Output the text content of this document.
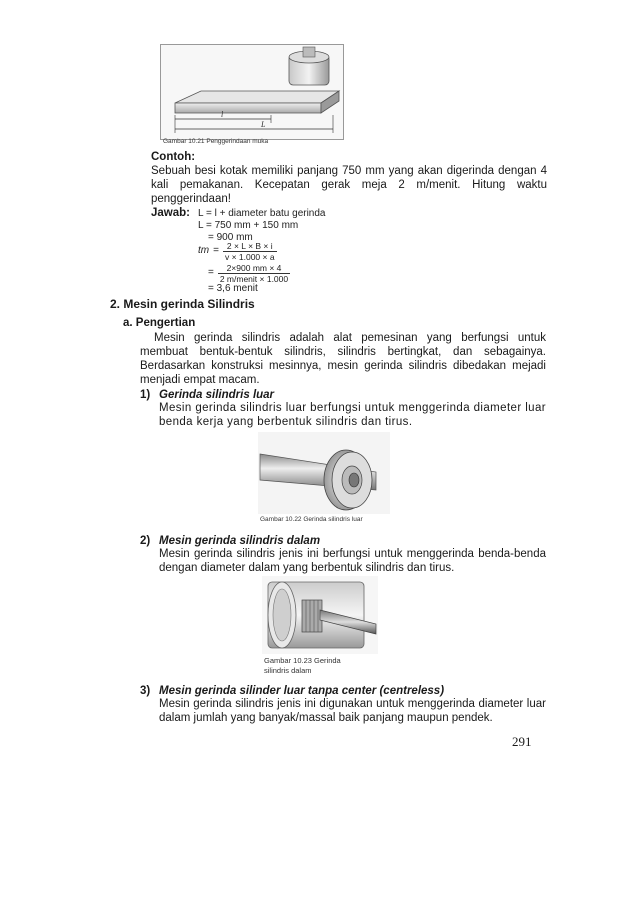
l
L
Gambar 10.21 Penggerindaan muka
Contoh:
Sebuah besi kotak memiliki panjang 750 mm yang akan digerinda dengan 4 kali pemakanan. Kecepatan gerak meja 2 m/menit. Hitung waktu penggerindaan!
Jawab: L = l + diameter batu gerinda
L = 750 mm + 150 mm
= 900 mm
tm = $\frac{2 \times L \times B \times i}{v \times 1.000 \times a}$
= $\frac{2\times 900 mm \times 4}{\text{2 m/menit × 1.000}}$
= 3,6 menit
2. Mesin gerinda Silindris
a. Pengertian
Mesin gerinda silindris adalah alat pemesinan yang berfungsi untuk membuat bentuk-bentuk silindris, silindris bertingkat, dan sebagainya. Berdasarkan konstruksi mesinnya, mesin gerinda silindris dibedakan mejadi menjadi empat macam.
1) Gerinda silindris luar
Mesin gerinda silindris luar berfungsi untuk menggerinda diameter luar benda kerja yang berbentuk silindris dan tirus.
Gambar 10.22 Gerinda silindris luar
2) Mesin gerinda silindris dalam
Mesin gerinda silindris jenis ini berfungsi untuk menggerinda benda-benda dengan diameter dalam yang berbentuk silindris dan tirus.
Gambar 10.23 Gerinda
silindris dalam
3) Mesin gerinda silinder luar tanpa center (centreless)
Mesin gerinda silindris jenis ini digunakan untuk menggerinda diameter luar dalam jumlah yang banyak/massal baik panjang maupun pendek.
291
